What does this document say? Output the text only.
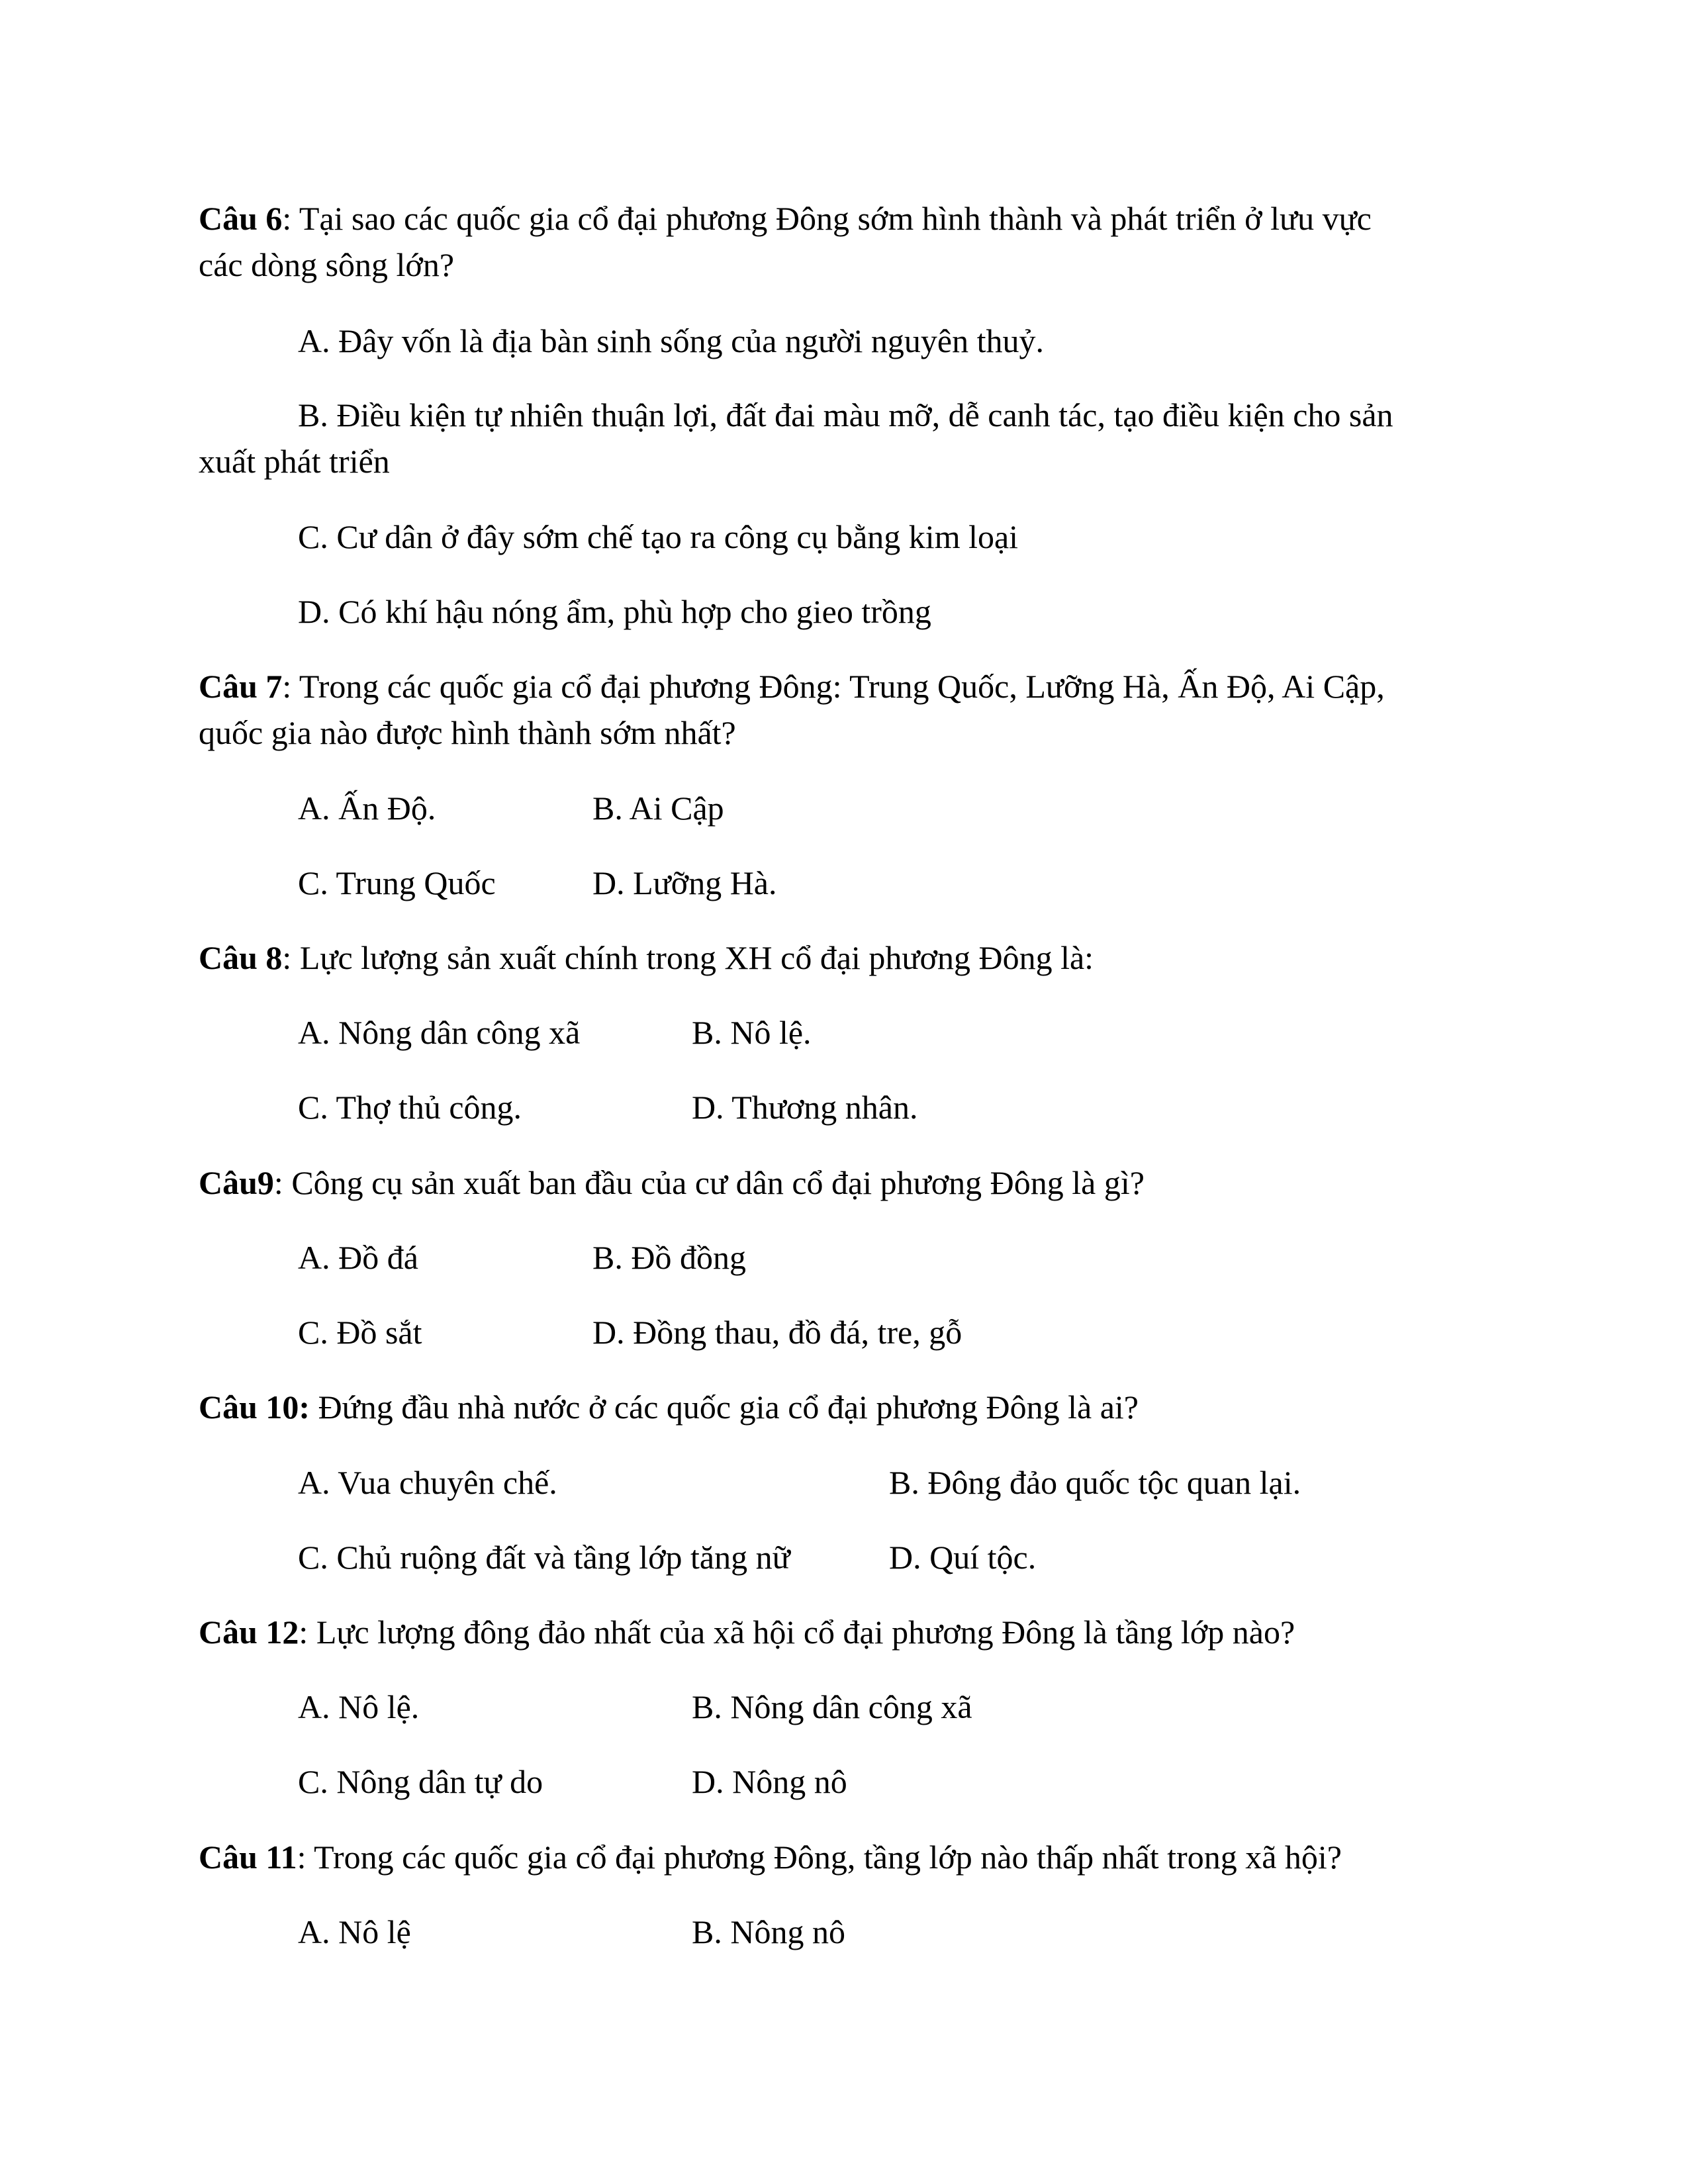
Câu 6: Tại sao các quốc gia cổ đại phương Đông sớm hình thành và phát triển ở lưu vực
các dòng sông lớn?
A. Đây vốn là địa bàn sinh sống của người nguyên thuỷ.
B. Điều kiện tự nhiên thuận lợi, đất đai màu mỡ, dễ canh tác, tạo điều kiện cho sản
xuất phát triển
C. Cư dân ở đây sớm chế tạo ra công cụ bằng kim loại
D. Có khí hậu nóng ẩm, phù hợp cho gieo trồng
Câu 7: Trong các quốc gia cổ đại phương Đông: Trung Quốc, Lưỡng Hà, Ấn Độ, Ai Cập,
quốc gia nào được hình thành sớm nhất?
A. Ấn Độ.	B. Ai Cập
C. Trung Quốc	D. Lưỡng Hà.
Câu 8: Lực lượng sản xuất chính trong XH cổ đại phương Đông là:
A. Nông dân công xã	B. Nô lệ.
C. Thợ thủ công.	D. Thương nhân.
Câu9: Công cụ sản xuất ban đầu của cư dân cổ đại phương Đông là gì?
A. Đồ đá	B. Đồ đồng
C. Đồ sắt	D. Đồng thau, đồ đá, tre, gỗ
Câu 10: Đứng đầu nhà nước ở các quốc gia cổ đại phương Đông là ai?
A. Vua chuyên chế.	B. Đông đảo quốc tộc quan lại.
C. Chủ ruộng đất và tầng lớp tăng nữ	D. Quí tộc.
Câu 12: Lực lượng đông đảo nhất của xã hội cổ đại phương Đông là tầng lớp nào?
A. Nô lệ.	B. Nông dân công xã
C. Nông dân tự do	D. Nông nô
Câu 11: Trong các quốc gia cổ đại phương Đông, tầng lớp nào thấp nhất trong xã hội?
A. Nô lệ	B. Nông nô
